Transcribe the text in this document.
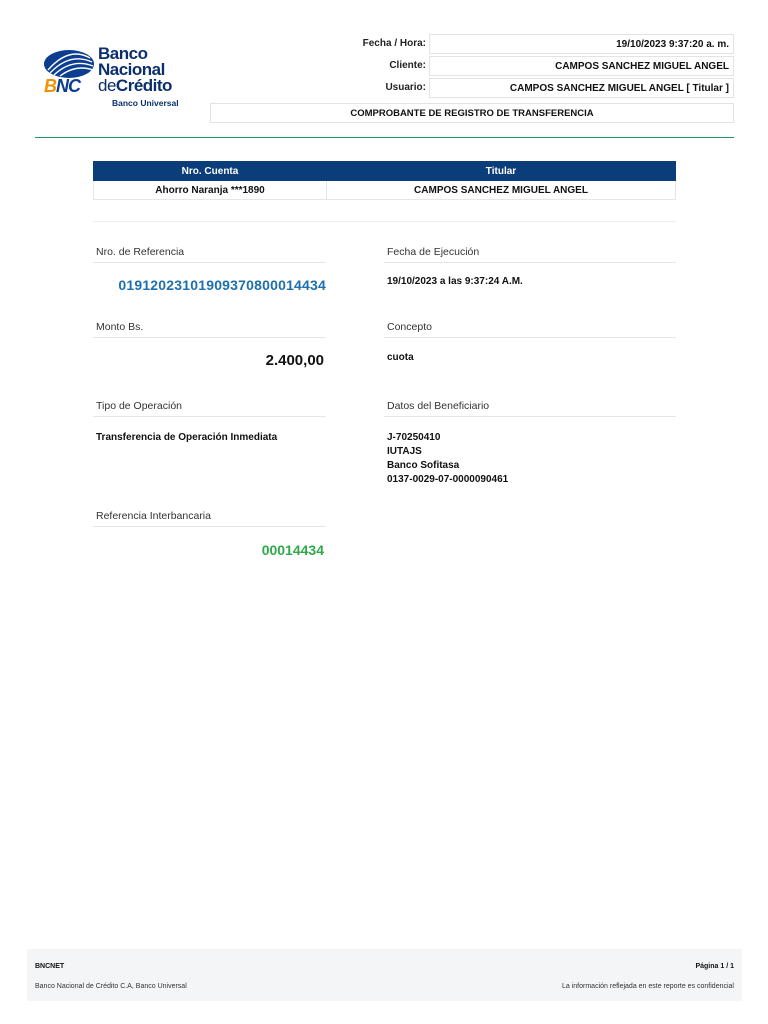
BNC
Banco
Nacional
deCrédito
Banco Universal
Fecha / Hora:	19/10/2023 9:37:20 a. m.
Cliente:	CAMPOS SANCHEZ MIGUEL ANGEL
Usuario:	CAMPOS SANCHEZ MIGUEL ANGEL [ Titular ]
COMPROBANTE DE REGISTRO DE TRANSFERENCIA
Nro. Cuenta	Titular
Ahorro Naranja ***1890	CAMPOS SANCHEZ MIGUEL ANGEL
Nro. de Referencia
01912023101909370800014434
Fecha de Ejecución
19/10/2023 a las 9:37:24 A.M.
Monto Bs.
2.400,00
Concepto
cuota
Tipo de Operación
Transferencia de Operación Inmediata
Datos del Beneficiario
J-70250410
IUTAJS
Banco Sofitasa
0137-0029-07-0000090461
Referencia Interbancaria
00014434
BNCNET	Página 1 / 1
Banco Nacional de Crédito C.A, Banco Universal	La información reflejada en este reporte es confidencial
